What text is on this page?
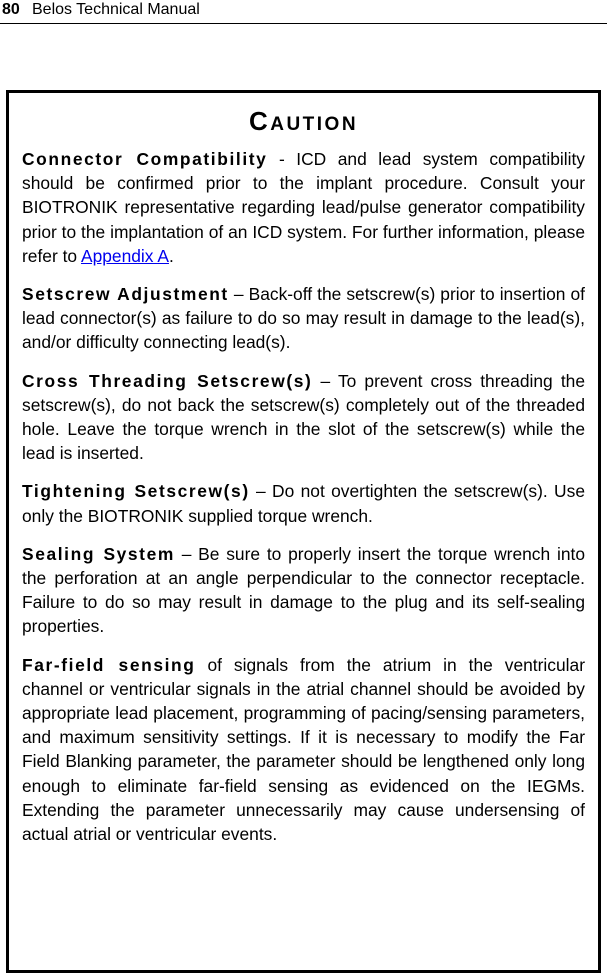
80 Belos Technical Manual
CAUTION

Connector Compatibility - ICD and lead system compatibility should be confirmed prior to the implant procedure. Consult your BIOTRONIK representative regarding lead/pulse generator compatibility prior to the implantation of an ICD system. For further information, please refer to Appendix A.

Setscrew Adjustment – Back-off the setscrew(s) prior to insertion of lead connector(s) as failure to do so may result in damage to the lead(s), and/or difficulty connecting lead(s).

Cross Threading Setscrew(s) – To prevent cross threading the setscrew(s), do not back the setscrew(s) completely out of the threaded hole. Leave the torque wrench in the slot of the setscrew(s) while the lead is inserted.

Tightening Setscrew(s) – Do not overtighten the setscrew(s). Use only the BIOTRONIK supplied torque wrench.

Sealing System – Be sure to properly insert the torque wrench into the perforation at an angle perpendicular to the connector receptacle. Failure to do so may result in damage to the plug and its self-sealing properties.

Far-field sensing of signals from the atrium in the ventricular channel or ventricular signals in the atrial channel should be avoided by appropriate lead placement, programming of pacing/sensing parameters, and maximum sensitivity settings. If it is necessary to modify the Far Field Blanking parameter, the parameter should be lengthened only long enough to eliminate far-field sensing as evidenced on the IEGMs. Extending the parameter unnecessarily may cause undersensing of actual atrial or ventricular events.
